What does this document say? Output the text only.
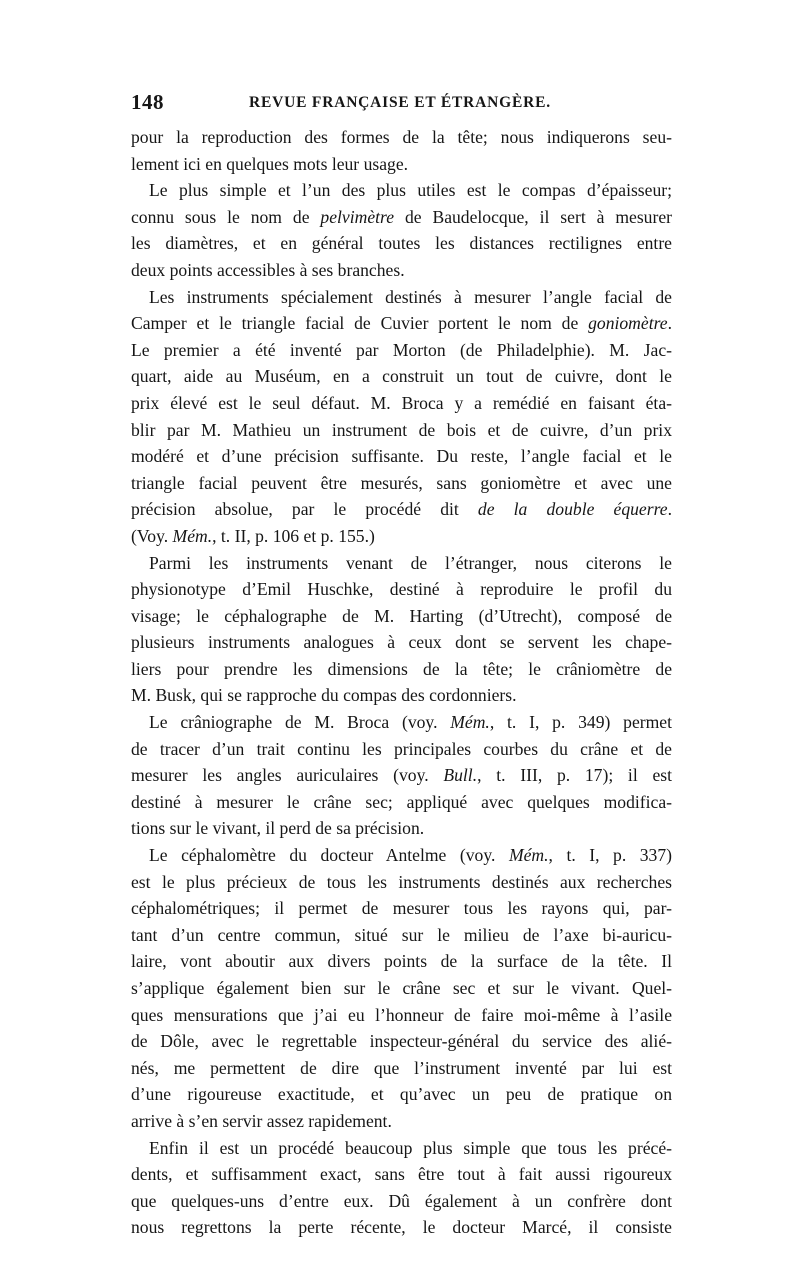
148	REVUE FRANÇAISE ET ÉTRANGÈRE.
pour la reproduction des formes de la tête; nous indiquerons seu-
lement ici en quelques mots leur usage.
Le plus simple et l’un des plus utiles est le compas d’épaisseur;
connu sous le nom de pelvimètre de Baudelocque, il sert à mesurer
les diamètres, et en général toutes les distances rectilignes entre
deux points accessibles à ses branches.
Les instruments spécialement destinés à mesurer l’angle facial de
Camper et le triangle facial de Cuvier portent le nom de goniomètre.
Le premier a été inventé par Morton (de Philadelphie). M. Jac-
quart, aide au Muséum, en a construit un tout de cuivre, dont le
prix élevé est le seul défaut. M. Broca y a remédié en faisant éta-
blir par M. Mathieu un instrument de bois et de cuivre, d’un prix
modéré et d’une précision suffisante. Du reste, l’angle facial et le
triangle facial peuvent être mesurés, sans goniomètre et avec une
précision absolue, par le procédé dit de la double équerre.
(Voy. Mém., t. II, p. 106 et p. 155.)
Parmi les instruments venant de l’étranger, nous citerons le
physionotype d’Emil Huschke, destiné à reproduire le profil du
visage; le céphalographe de M. Harting (d’Utrecht), composé de
plusieurs instruments analogues à ceux dont se servent les chape-
liers pour prendre les dimensions de la tête; le crâniomètre de
M. Busk, qui se rapproche du compas des cordonniers.
Le crâniographe de M. Broca (voy. Mém., t. I, p. 349) permet
de tracer d’un trait continu les principales courbes du crâne et de
mesurer les angles auriculaires (voy. Bull., t. III, p. 17); il est
destiné à mesurer le crâne sec; appliqué avec quelques modifica-
tions sur le vivant, il perd de sa précision.
Le céphalomètre du docteur Antelme (voy. Mém., t. I, p. 337)
est le plus précieux de tous les instruments destinés aux recherches
céphalométriques; il permet de mesurer tous les rayons qui, par-
tant d’un centre commun, situé sur le milieu de l’axe bi-auricu-
laire, vont aboutir aux divers points de la surface de la tête. Il
s’applique également bien sur le crâne sec et sur le vivant. Quel-
ques mensurations que j’ai eu l’honneur de faire moi-même à l’asile
de Dôle, avec le regrettable inspecteur-général du service des alié-
nés, me permettent de dire que l’instrument inventé par lui est
d’une rigoureuse exactitude, et qu’avec un peu de pratique on
arrive à s’en servir assez rapidement.
Enfin il est un procédé beaucoup plus simple que tous les précé-
dents, et suffisamment exact, sans être tout à fait aussi rigoureux
que quelques-uns d’entre eux. Dû également à un confrère dont
nous regrettons la perte récente, le docteur Marcé, il consiste
